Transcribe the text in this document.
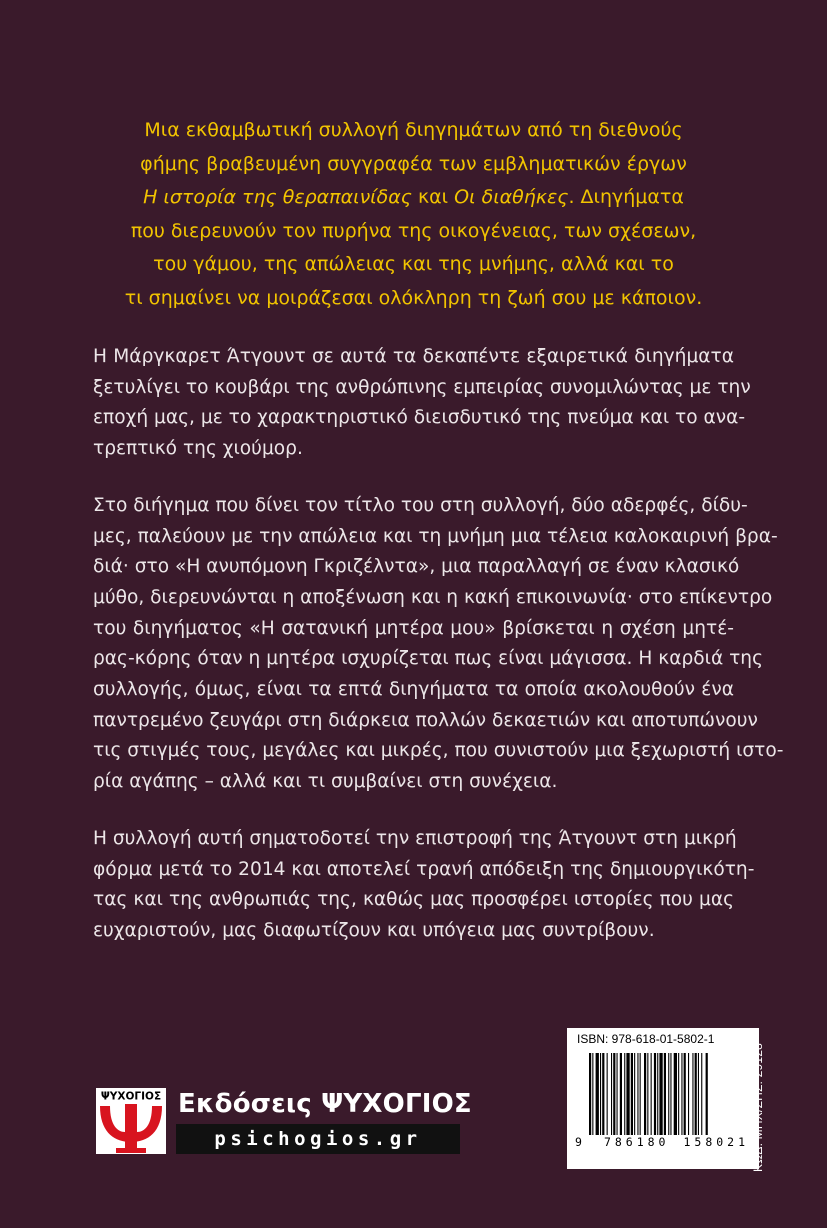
Μια εκθαμβωτική συλλογή διηγημάτων από τη διεθνούς

φήμης βραβευμένη συγγραφέα των εμβληματικών έργων

Η ιστορία της θεραπαινίδας και Οι διαθήκες. Διηγήματα

που διερευνούν τον πυρήνα της οικογένειας, των σχέσεων,

του γάμου, της απώλειας και της μνήμης, αλλά και το

τι σημαίνει να μοιράζεσαι ολόκληρη τη ζωή σου με κάποιον.

Η Μάργκαρετ Άτγουντ σε αυτά τα δεκαπέντε εξαιρετικά διηγήματα
ξετυλίγει το κουβάρι της ανθρώπινης εμπειρίας συνομιλώντας με την
εποχή μας, με το χαρακτηριστικό διεισδυτικό της πνεύμα και το ανα-
τρεπτικό της χιούμορ.
Στο διήγημα που δίνει τον τίτλο του στη συλλογή, δύο αδερφές, δίδυ-
μες, παλεύουν με την απώλεια και τη μνήμη μια τέλεια καλοκαιρινή βρα-
διά· στο «Η ανυπόμονη Γκριζέλντα», μια παραλλαγή σε έναν κλασικό
μύθο, διερευνώνται η αποξένωση και η κακή επικοινωνία· στο επίκεντρο
του διηγήματος «Η σατανική μητέρα μου» βρίσκεται η σχέση μητέ-
ρας-κόρης όταν η μητέρα ισχυρίζεται πως είναι μάγισσα. Η καρδιά της
συλλογής, όμως, είναι τα επτά διηγήματα τα οποία ακολουθούν ένα
παντρεμένο ζευγάρι στη διάρκεια πολλών δεκαετιών και αποτυπώνουν
τις στιγμές τους, μεγάλες και μικρές, που συνιστούν μια ξεχωριστή ιστο-
ρία αγάπης – αλλά και τι συμβαίνει στη συνέχεια.
Η συλλογή αυτή σηματοδοτεί την επιστροφή της Άτγουντ στη μικρή
φόρμα μετά το 2014 και αποτελεί τρανή απόδειξη της δημιουργικότη-
τας και της ανθρωπιάς της, καθώς μας προσφέρει ιστορίες που μας
ευχαριστούν, μας διαφωτίζουν και υπόγεια μας συντρίβουν.
ΨΥΧΟΓΙΟΣ Εκδόσεις ΨΥΧΟΓΙΟΣ
psichogios.gr
ISBN: 978-618-01-5802-1
9 786180 158021 ΚΩΔ. ΜΗΧ/ΣΗΣ: 29128
